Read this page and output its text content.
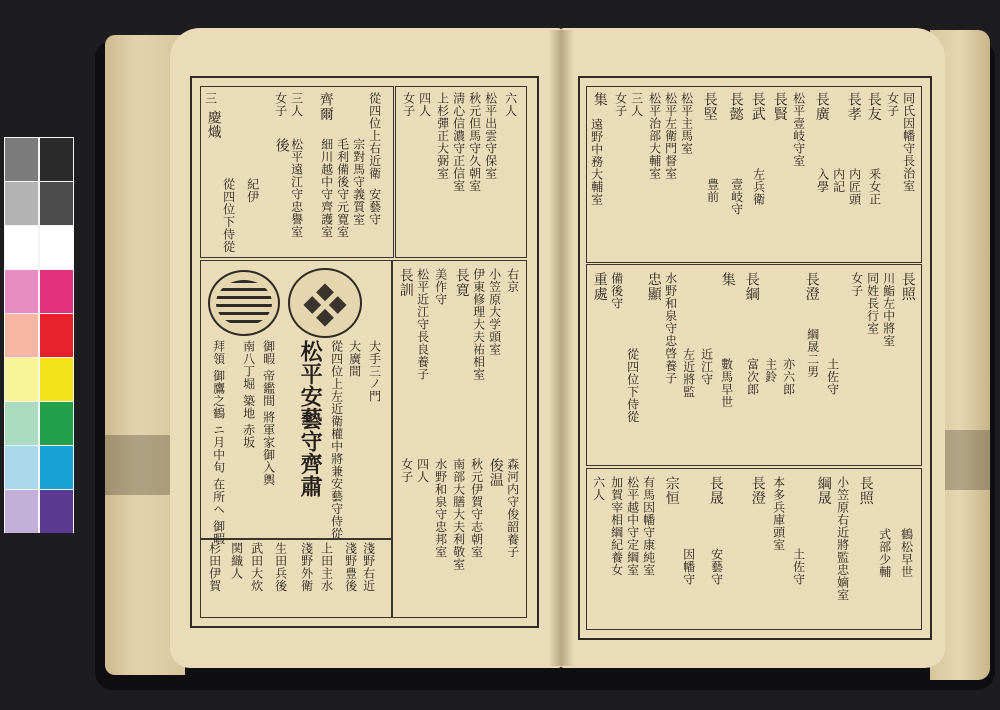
三
慶熾
從四位下侍從 紀伊
女子 三人
後 松平遠江守忠譽室
齊爾
細川越中守齊護室 毛利備後守元寛室 宗對馬守義質室
從四位上右近衛
安藝守
女子 四人 上杉彈正大弼室 淸心信濃守正信室 秋元但馬守久朝室 松平出雲守保室 六人
松平安藝守齊肅 從四位上左近衛權中將兼安藝守侍從 大廣間 大手三ノ門
御暇 帝鑑間 將軍家御入輿
南八丁堀 築地 赤坂
拜領 御鷹之鶴 ニ月中旬 在所ヘ 御暇
淺野右近
淺野豊後
上田主水
淺野外衛
生田兵後
武田大炊
関織人
杉田伊賀
長訓 松平近江守長良養子 美作守 長寛 伊東修理大夫祐相室 小笠原大学頭室 右京
女子 四人 水野和泉守忠邦室 南部大膳大夫利敬室 秋元伊賀守志朝室 俊温 森河内守俊韶養子
集
遠野中務大輔室
女子 三人 松平治部大輔室 松平左衛門督室 松平主馬室 長堅
豊前
長懿
壹岐守
長武
左兵衛
長賢 松平壹岐守室 長廣
入學 内記
長孝
内匠頭
長友
釆女正
女子 同氏因幡守長治室
重處 備後守
從四位下侍從
忠顯 水野和泉守忠啓養子 左近將監 近江守
集
數馬早世
長綱
富次郎 主鈴 亦六郎
長澄
綱晟二男 土佐守
女子 同姓長行室 川鮨左中將室 長照
六人 加賀宰相綱紀養女 松平越中守定綱室 有馬因幡守康純室 宗恒
因幡守
長晟
安藝守
長澄 本多兵庫頭室
土佐守
綱晟 小笠原右近將監忠嫡室 長照
式部少輔 鶴松早世
